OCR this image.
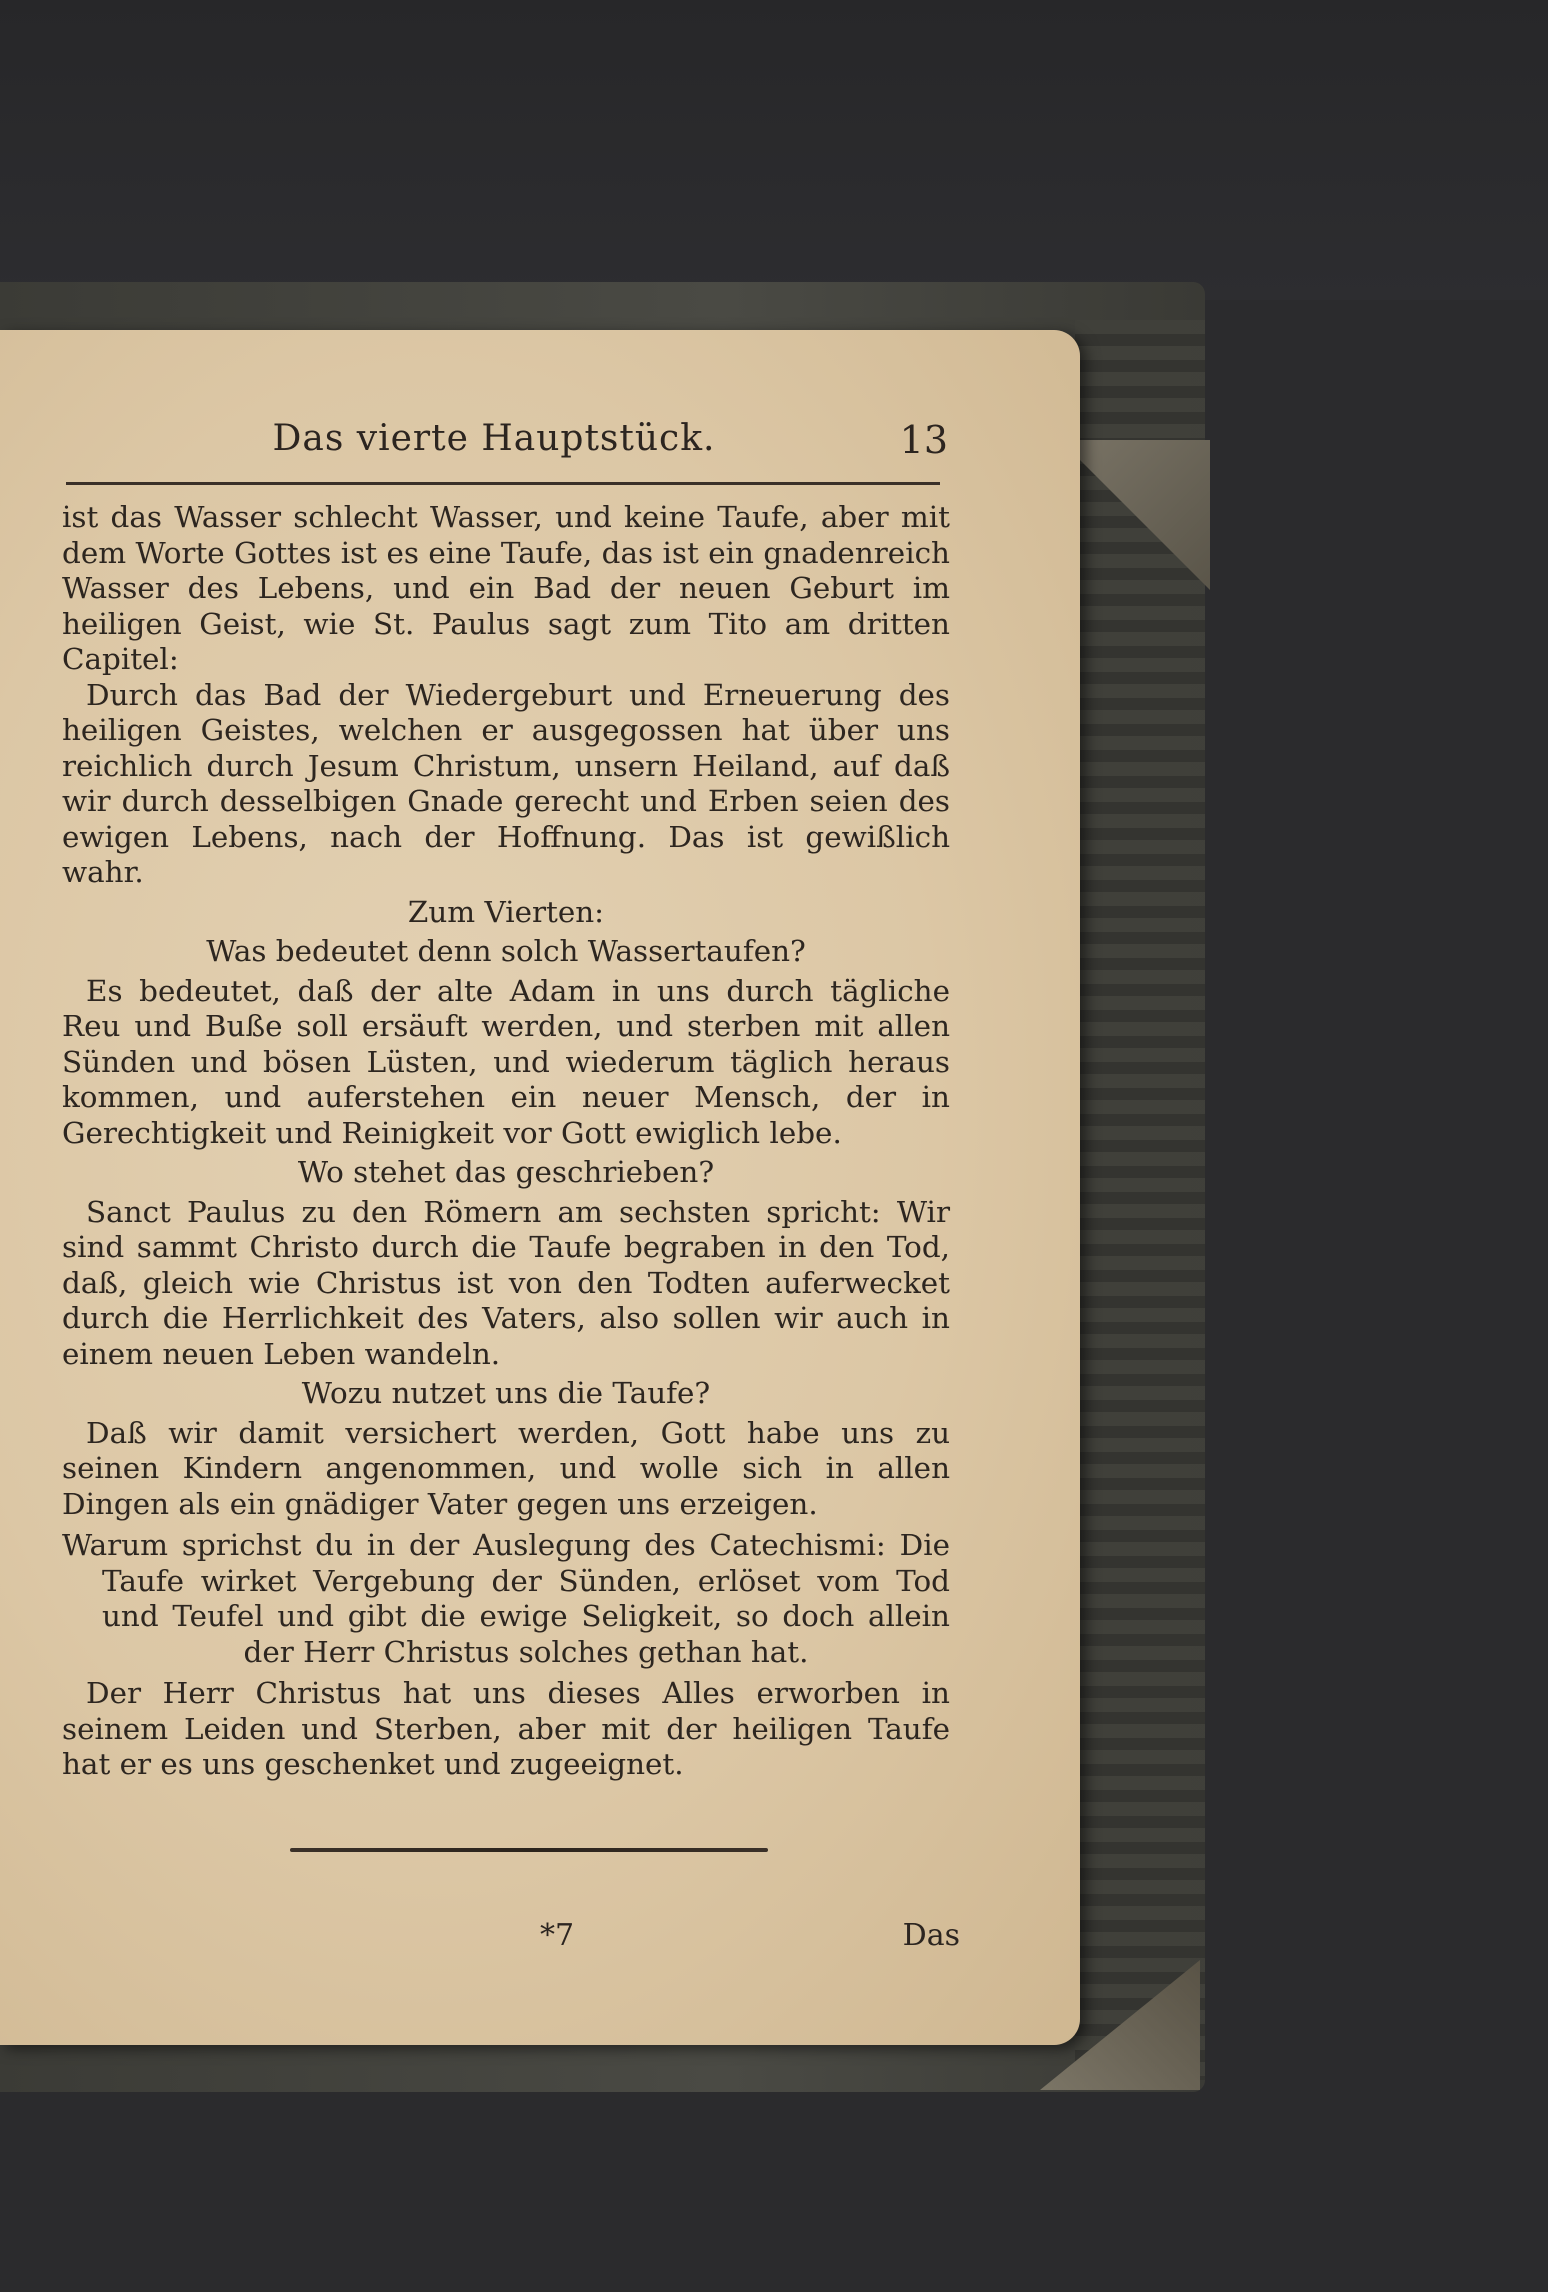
Das vierte Hauptstück.	13

ist das Wasser schlecht Wasser, und keine Taufe, aber mit dem Worte Gottes ist es eine Taufe, das ist ein gnadenreich Wasser des Lebens, und ein Bad der neuen Geburt im heiligen Geist, wie St. Paulus sagt zum Tito am dritten Capitel:

Durch das Bad der Wiedergeburt und Erneuerung des heiligen Geistes, welchen er ausgegossen hat über uns reichlich durch Jesum Christum, unsern Heiland, auf daß wir durch desselbigen Gnade gerecht und Erben seien des ewigen Lebens, nach der Hoffnung. Das ist gewißlich wahr.

Zum Vierten:

Was bedeutet denn solch Wassertaufen?

Es bedeutet, daß der alte Adam in uns durch tägliche Reu und Buße soll ersäuft werden, und sterben mit allen Sünden und bösen Lüsten, und wiederum täglich heraus kommen, und auferstehen ein neuer Mensch, der in Gerechtigkeit und Reinigkeit vor Gott ewiglich lebe.

Wo stehet das geschrieben?

Sanct Paulus zu den Römern am sechsten spricht: Wir sind sammt Christo durch die Taufe begraben in den Tod, daß, gleich wie Christus ist von den Todten auferwecket durch die Herrlichkeit des Vaters, also sollen wir auch in einem neuen Leben wandeln.

Wozu nutzet uns die Taufe?

Daß wir damit versichert werden, Gott habe uns zu seinen Kindern angenommen, und wolle sich in allen Dingen als ein gnädiger Vater gegen uns erzeigen.

Warum sprichst du in der Auslegung des Catechismi: Die Taufe wirket Vergebung der Sünden, erlöset vom Tod und Teufel und gibt die ewige Seligkeit, so doch allein der Herr Christus solches gethan hat.

Der Herr Christus hat uns dieses Alles erworben in seinem Leiden und Sterben, aber mit der heiligen Taufe hat er es uns geschenket und zugeeignet.

*7	Das
